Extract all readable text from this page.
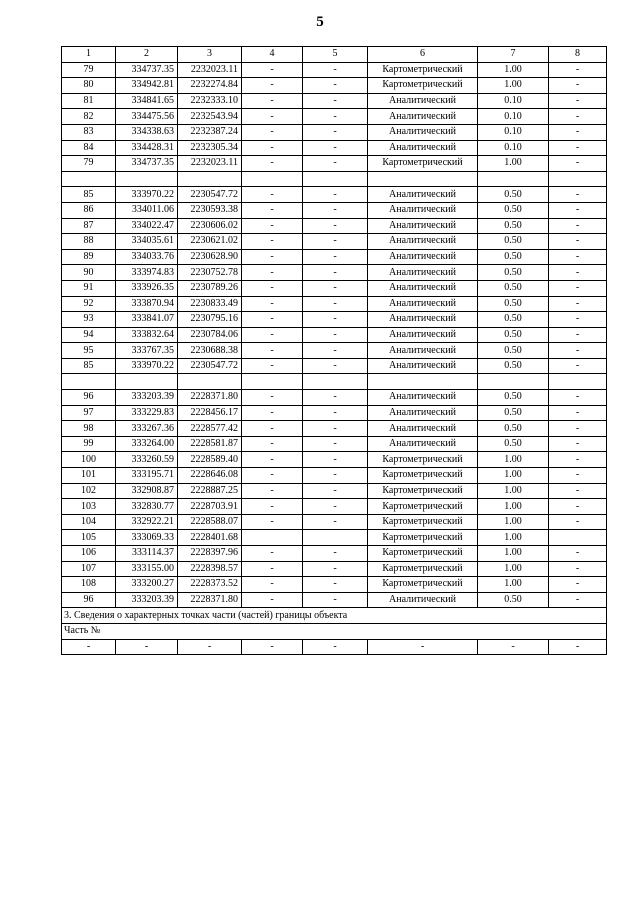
5
1	2	3	4	5	6	7	8
79	334737.35	2232023.11	-	-	Картометрический	1.00	-
80	334942.81	2232274.84	-	-	Картометрический	1.00	-
81	334841.65	2232333.10	-	-	Аналитический	0.10	-
82	334475.56	2232543.94	-	-	Аналитический	0.10	-
83	334338.63	2232387.24	-	-	Аналитический	0.10	-
84	334428.31	2232305.34	-	-	Аналитический	0.10	-
79	334737.35	2232023.11	-	-	Картометрический	1.00	-

85	333970.22	2230547.72	-	-	Аналитический	0.50	-
86	334011.06	2230593.38	-	-	Аналитический	0.50	-
87	334022.47	2230606.02	-	-	Аналитический	0.50	-
88	334035.61	2230621.02	-	-	Аналитический	0.50	-
89	334033.76	2230628.90	-	-	Аналитический	0.50	-
90	333974.83	2230752.78	-	-	Аналитический	0.50	-
91	333926.35	2230789.26	-	-	Аналитический	0.50	-
92	333870.94	2230833.49	-	-	Аналитический	0.50	-
93	333841.07	2230795.16	-	-	Аналитический	0.50	-
94	333832.64	2230784.06	-	-	Аналитический	0.50	-
95	333767.35	2230688.38	-	-	Аналитический	0.50	-
85	333970.22	2230547.72	-	-	Аналитический	0.50	-

96	333203.39	2228371.80	-	-	Аналитический	0.50	-
97	333229.83	2228456.17	-	-	Аналитический	0.50	-
98	333267.36	2228577.42	-	-	Аналитический	0.50	-
99	333264.00	2228581.87	-	-	Аналитический	0.50	-
100	333260.59	2228589.40	-	-	Картометрический	1.00	-
101	333195.71	2228646.08	-	-	Картометрический	1.00	-
102	332908.87	2228887.25	-	-	Картометрический	1.00	-
103	332830.77	2228703.91	-	-	Картометрический	1.00	-
104	332922.21	2228588.07	-	-	Картометрический	1.00	-
105	333069.33	2228401.68			Картометрический	1.00	
106	333114.37	2228397.96	-	-	Картометрический	1.00	-
107	333155.00	2228398.57	-	-	Картометрический	1.00	-
108	333200.27	2228373.52	-	-	Картометрический	1.00	-
96	333203.39	2228371.80	-	-	Аналитический	0.50	-
3. Сведения о характерных точках части (частей) границы объекта							
Часть №							
-	-	-	-	-	-	-	-
